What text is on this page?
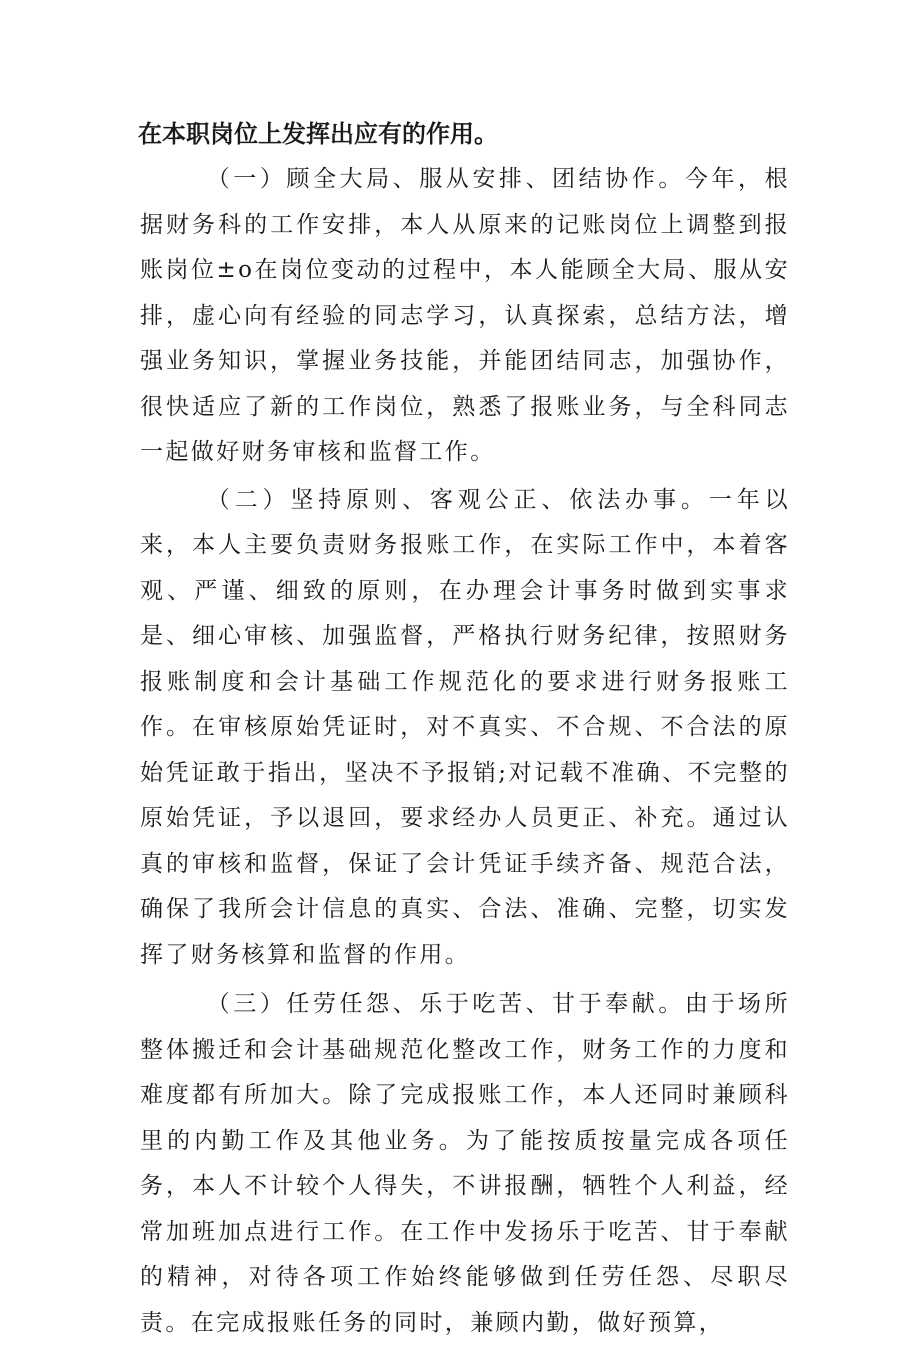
在本职岗位上发挥出应有的作用。

（一）顾全大局、服从安排、团结协作。今年，根据财务科的工作安排，本人从原来的记账岗位上调整到报账岗位±o在岗位变动的过程中，本人能顾全大局、服从安排，虚心向有经验的同志学习，认真探索，总结方法，增强业务知识，掌握业务技能，并能团结同志，加强协作，很快适应了新的工作岗位，熟悉了报账业务，与全科同志一起做好财务审核和监督工作。

（二）坚持原则、客观公正、依法办事。一年以来，本人主要负责财务报账工作，在实际工作中，本着客观、严谨、细致的原则，在办理会计事务时做到实事求是、细心审核、加强监督，严格执行财务纪律，按照财务报账制度和会计基础工作规范化的要求进行财务报账工作。在审核原始凭证时，对不真实、不合规、不合法的原始凭证敢于指出，坚决不予报销;对记载不准确、不完整的原始凭证，予以退回，要求经办人员更正、补充。通过认真的审核和监督，保证了会计凭证手续齐备、规范合法，确保了我所会计信息的真实、合法、准确、完整，切实发挥了财务核算和监督的作用。

（三）任劳任怨、乐于吃苦、甘于奉献。由于场所整体搬迁和会计基础规范化整改工作，财务工作的力度和难度都有所加大。除了完成报账工作，本人还同时兼顾科里的内勤工作及其他业务。为了能按质按量完成各项任务，本人不计较个人得失，不讲报酬，牺牲个人利益，经常加班加点进行工作。在工作中发扬乐于吃苦、甘于奉献的精神，对待各项工作始终能够做到任劳任怨、尽职尽责。在完成报账任务的同时，兼顾内勤，做好预算，
